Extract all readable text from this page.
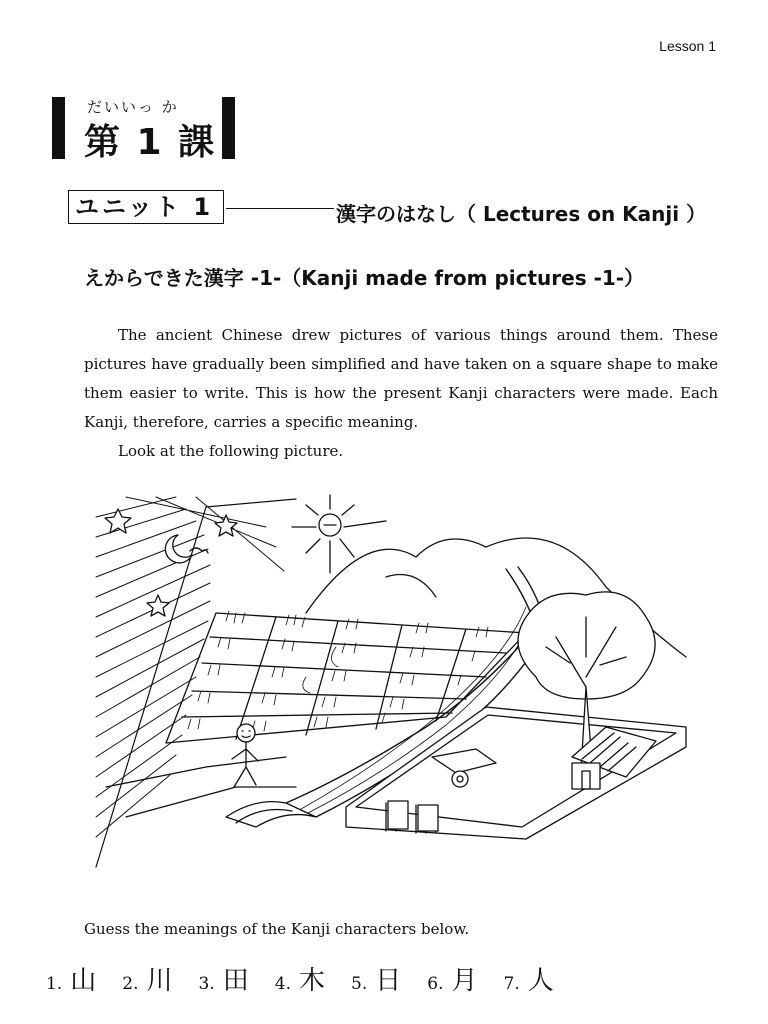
Lesson 1
だいいっ か
第 1 課
ユニット 1	漢字のはなし（ Lectures on Kanji ）
えからできた漢字 -1-（Kanji made from pictures -1-）

The ancient Chinese drew pictures of various things around them. These pictures have gradually been simplified and have taken on a square shape to make them easier to write. This is how the present Kanji characters were made. Each Kanji, therefore, carries a specific meaning.

Look at the following picture.

Guess the meanings of the Kanji characters below.
1. 山 2. 川 3. 田 4. 木 5. 日 6. 月 7. 人
